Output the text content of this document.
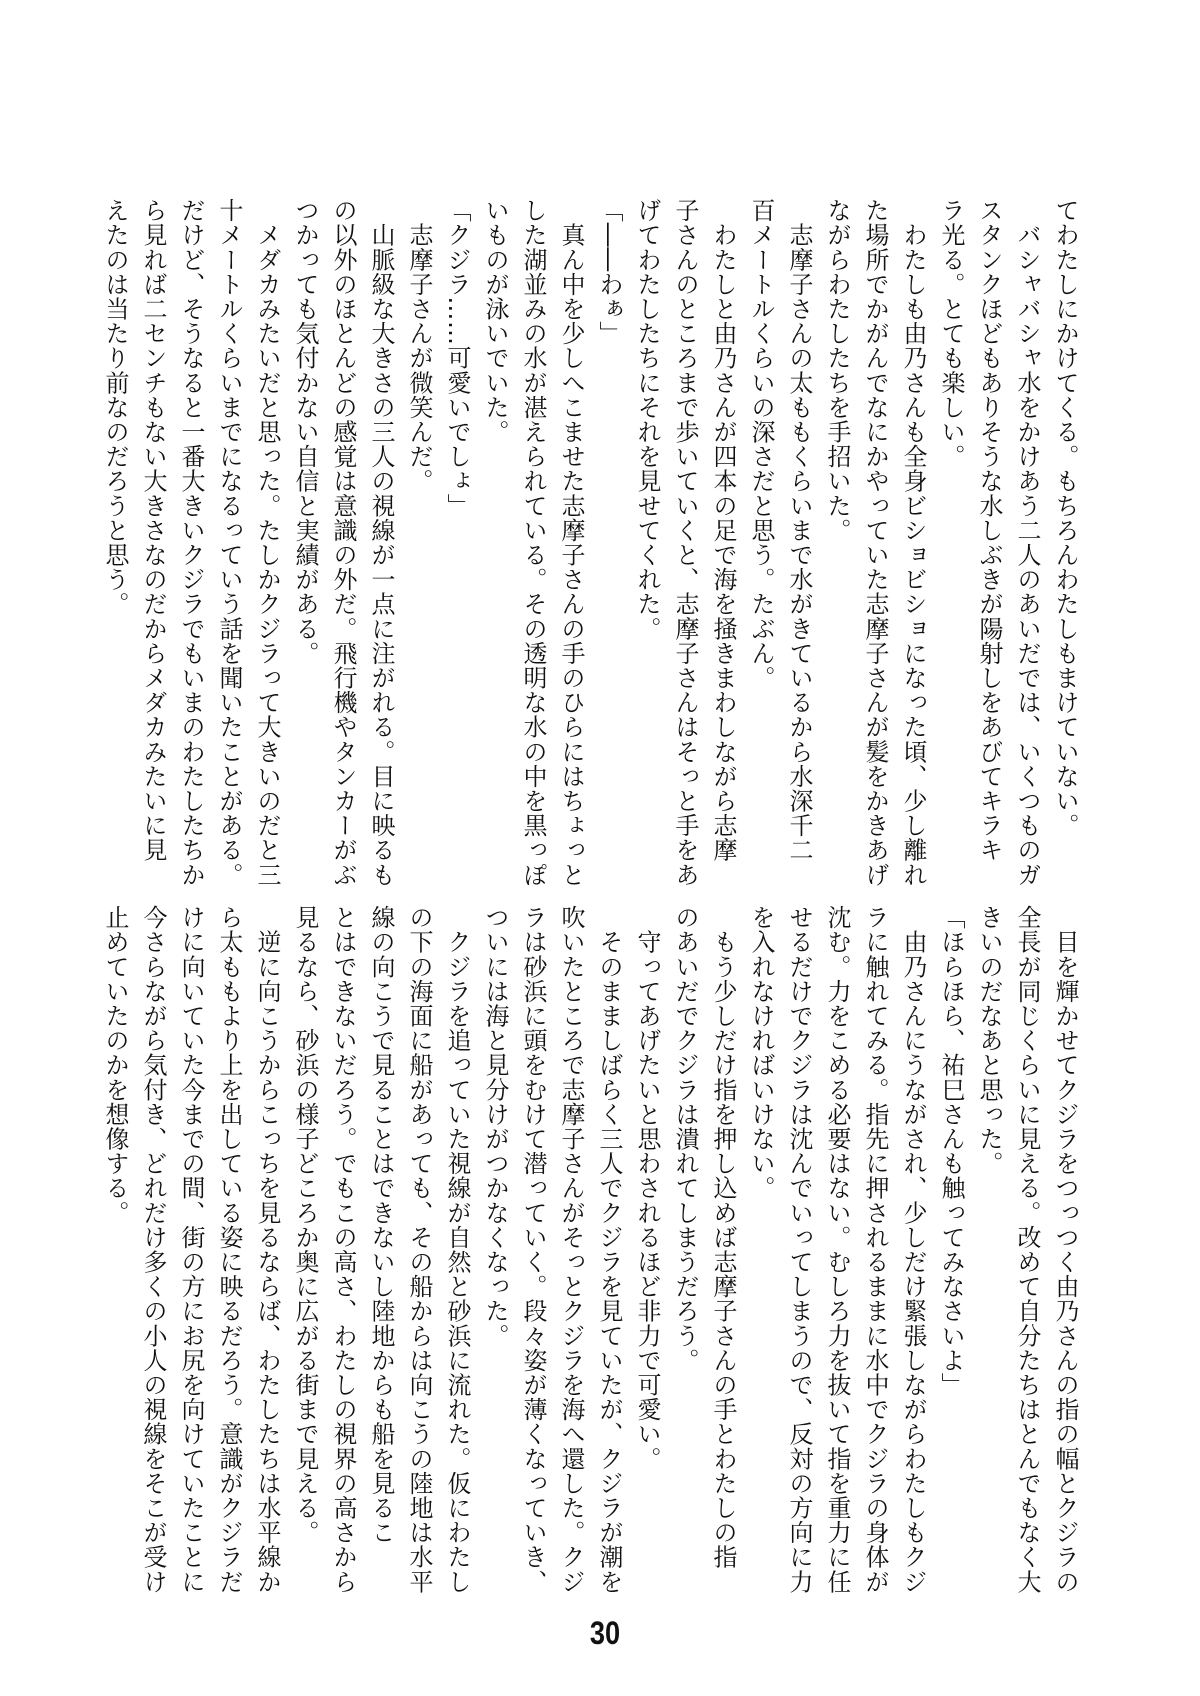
てわたしにかけてくる。もちろんわたしもまけていない。
　バシャバシャ水をかけあう二人のあいだでは、いくつものガ
スタンクほどもありそうな水しぶきが陽射しをあびてキラキ
ラ光る。とても楽しい。
　わたしも由乃さんも全身ビショビショになった頃、少し離れ
た場所でかがんでなにかやっていた志摩子さんが髪をかきあげ
ながらわたしたちを手招いた。
　志摩子さんの太ももくらいまで水がきているから水深千二
百メートルくらいの深さだと思う。たぶん。
　わたしと由乃さんが四本の足で海を掻きまわしながら志摩
子さんのところまで歩いていくと、志摩子さんはそっと手をあ
げてわたしたちにそれを見せてくれた。
「――わぁ」
　真ん中を少しへこませた志摩子さんの手のひらにはちょっと
した湖並みの水が湛えられている。その透明な水の中を黒っぽ
いものが泳いでいた。
「クジラ……可愛いでしょ」
　志摩子さんが微笑んだ。
　山脈級な大きさの三人の視線が一点に注がれる。目に映るも
の以外のほとんどの感覚は意識の外だ。飛行機やタンカーがぶ
つかっても気付かない自信と実績がある。
　メダカみたいだと思った。たしかクジラって大きいのだと三
十メートルくらいまでになるっていう話を聞いたことがある。
だけど、そうなると一番大きいクジラでもいまのわたしたちか
ら見れば二センチもない大きさなのだからメダカみたいに見
えたのは当たり前なのだろうと思う。
　目を輝かせてクジラをつっつく由乃さんの指の幅とクジラの
全長が同じくらいに見える。改めて自分たちはとんでもなく大
きいのだなあと思った。
「ほらほら、祐巳さんも触ってみなさいよ」
　由乃さんにうながされ、少しだけ緊張しながらわたしもクジ
ラに触れてみる。指先に押されるままに水中でクジラの身体が
沈む。力をこめる必要はない。むしろ力を抜いて指を重力に任
せるだけでクジラは沈んでいってしまうので、反対の方向に力
を入れなければいけない。
　もう少しだけ指を押し込めば志摩子さんの手とわたしの指
のあいだでクジラは潰れてしまうだろう。
　守ってあげたいと思わされるほど非力で可愛い。
　そのまましばらく三人でクジラを見ていたが、クジラが潮を
吹いたところで志摩子さんがそっとクジラを海へ還した。クジ
ラは砂浜に頭をむけて潜っていく。段々姿が薄くなっていき、
ついには海と見分けがつかなくなった。
　クジラを追っていた視線が自然と砂浜に流れた。仮にわたし
の下の海面に船があっても、その船からは向こうの陸地は水平
線の向こうで見ることはできないし陸地からも船を見るこ
とはできないだろう。でもこの高さ、わたしの視界の高さから
見るなら、砂浜の様子どころか奥に広がる街まで見える。
　逆に向こうからこっちを見るならば、わたしたちは水平線か
ら太ももより上を出している姿に映るだろう。意識がクジラだ
けに向いていた今までの間、街の方にお尻を向けていたことに
今さらながら気付き、どれだけ多くの小人の視線をそこが受け
止めていたのかを想像する。
30
